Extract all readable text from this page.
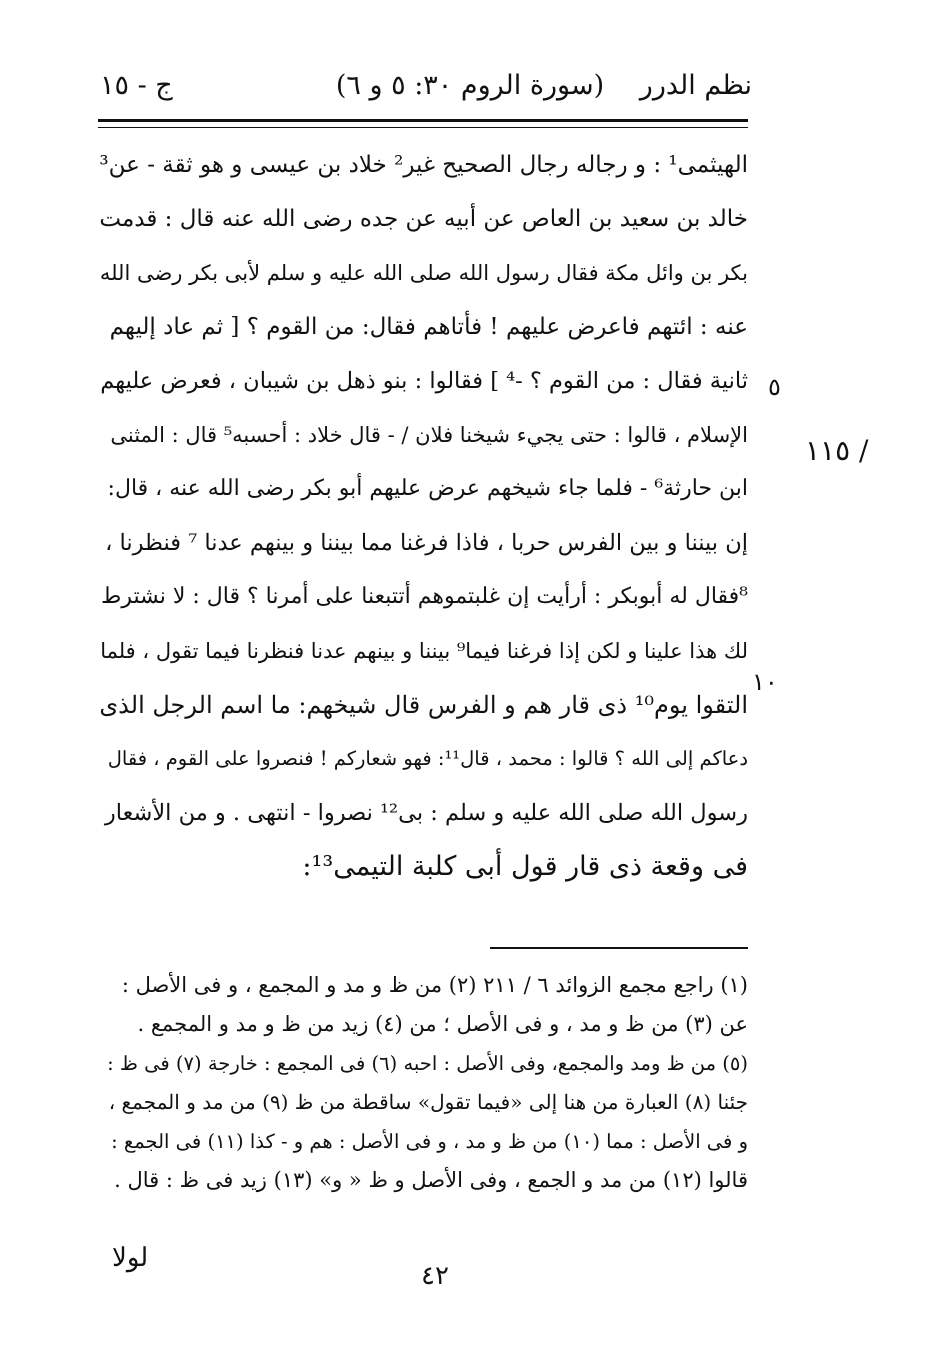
نظم الدرر
(سورة الروم ٣٠: ٥ و ٦)
ج - ١٥
٥
١٠
١١٥ /
الهيثمى¹ : و رجاله رجال الصحيح غير² خلاد بن عيسى و هو ثقة - عن³
خالد بن سعيد بن العاص عن أبيه عن جده رضى الله عنه قال : قدمت
بكر بن وائل مكة فقال رسول الله صلى الله عليه و سلم لأبى بكر رضى الله
عنه : ائتهم فاعرض عليهم ! فأتاهم فقال: من القوم ؟ [ ثم عاد إليهم
ثانية فقال : من القوم ؟ -⁴ ] فقالوا : بنو ذهل بن شيبان ، فعرض عليهم
الإسلام ، قالوا : حتى يجيء شيخنا فلان / - قال خلاد : أحسبه⁵ قال : المثنى
ابن حارثة⁶ - فلما جاء شيخهم عرض عليهم أبو بكر رضى الله عنه ، قال:
إن بيننا و بين الفرس حربا ، فاذا فرغنا مما بيننا و بينهم عدنا ⁷ فنظرنا ،
⁸فقال له أبوبكر : أرأيت إن غلبتموهم أتتبعنا على أمرنا ؟ قال : لا نشترط
لك هذا علينا و لكن إذا فرغنا فيما⁹ بيننا و بينهم عدنا فنظرنا فيما تقول ، فلما
التقوا يوم¹⁰ ذى قار هم و الفرس قال شيخهم: ما اسم الرجل الذى
دعاكم إلى الله ؟ قالوا : محمد ، قال¹¹: فهو شعاركم ! فنصروا على القوم ، فقال
رسول الله صلى الله عليه و سلم : بى¹² نصروا - انتهى . و من الأشعار
فى وقعة ذى قار قول أبى كلبة التيمى¹³:
(١) راجع مجمع الزوائد ٦ / ٢١١ (٢) من ظ و مد و المجمع ، و فى الأصل :
عن (٣) من ظ و مد ، و فى الأصل ؛ من (٤) زيد من ظ و مد و المجمع .
(٥) من ظ ومد والمجمع، وفى الأصل : احبه (٦) فى المجمع : خارجة (٧) فى ظ :
جئنا (٨) العبارة من هنا إلى «فيما تقول» ساقطة من ظ (٩) من مد و المجمع ،
و فى الأصل : مما (١٠) من ظ و مد ، و فى الأصل : هم و - كذا (١١) فى الجمع :
قالوا (١٢) من مد و الجمع ، وفى الأصل و ظ « و» (١٣) زيد فى ظ : قال .
لولا
٤٢
